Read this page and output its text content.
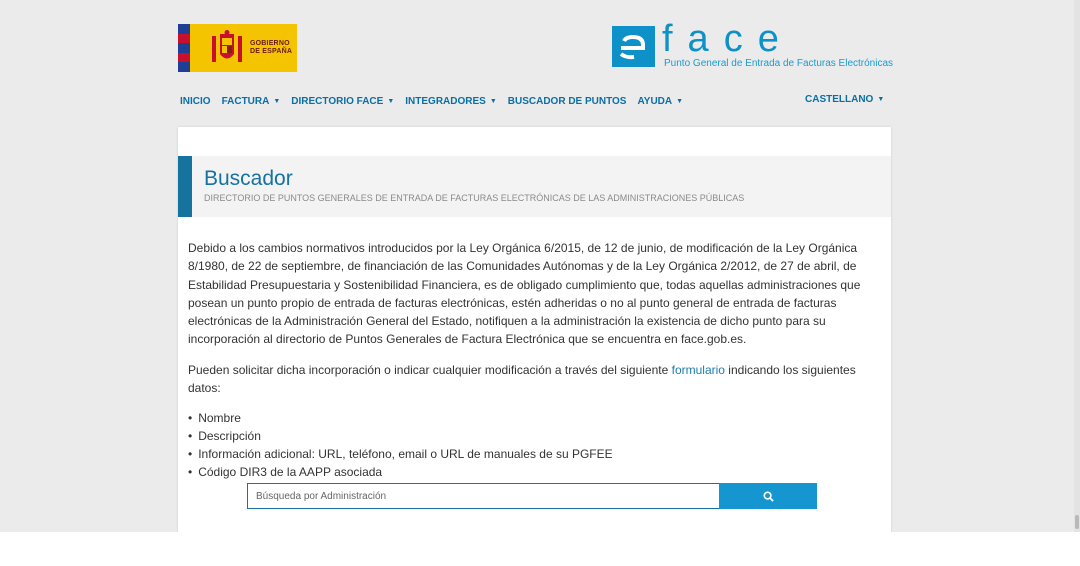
GOBIERNO
DE ESPAÑA	face
Punto General de Entrada de Facturas Electrónicas
INICIO FACTURA ▼ DIRECTORIO FACE ▼ INTEGRADORES ▼ BUSCADOR DE PUNTOS AYUDA ▼	CASTELLANO ▼
Buscador
DIRECTORIO DE PUNTOS GENERALES DE ENTRADA DE FACTURAS ELECTRÓNICAS DE LAS ADMINISTRACIONES PÚBLICAS

Debido a los cambios normativos introducidos por la Ley Orgánica 6/2015, de 12 de junio, de modificación de la Ley Orgánica 8/1980, de 22 de septiembre, de financiación de las Comunidades Autónomas y de la Ley Orgánica 2/2012, de 27 de abril, de Estabilidad Presupuestaria y Sostenibilidad Financiera, es de obligado cumplimiento que, todas aquellas administraciones que posean un punto propio de entrada de facturas electrónicas, estén adheridas o no al punto general de entrada de facturas electrónicas de la Administración General del Estado, notifiquen a la administración la existencia de dicho punto para su incorporación al directorio de Puntos Generales de Factura Electrónica que se encuentra en face.gob.es.

Pueden solicitar dicha incorporación o indicar cualquier modificación a través del siguiente formulario indicando los siguientes datos:

• Nombre
• Descripción
• Información adicional: URL, teléfono, email o URL de manuales de su PGFEE
• Código DIR3 de la AAPP asociada
Búsqueda por Administración
